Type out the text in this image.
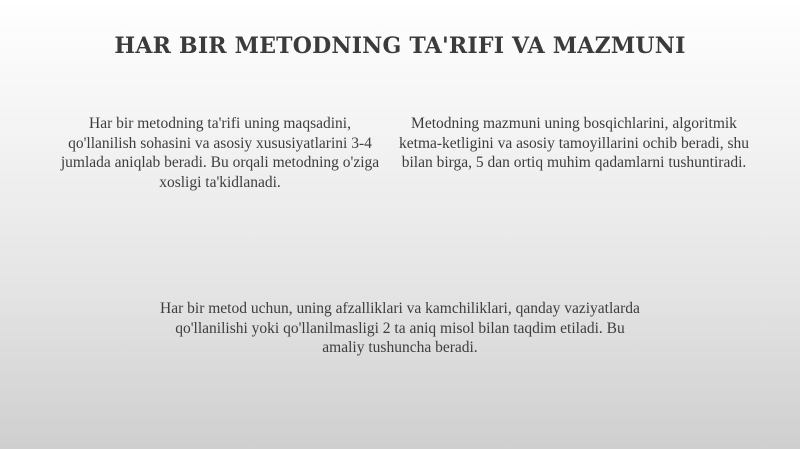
HAR BIR METODNING TA'RIFI VA MAZMUNI

Har bir metodning ta'rifi uning maqsadini, qo'llanilish sohasini va asosiy xususiyatlarini 3-4 jumlada aniqlab beradi. Bu orqali metodning o'ziga xosligi ta'kidlanadi.

Metodning mazmuni uning bosqichlarini, algoritmik ketma-ketligini va asosiy tamoyillarini ochib beradi, shu bilan birga, 5 dan ortiq muhim qadamlarni tushuntiradi.

Har bir metod uchun, uning afzalliklari va kamchiliklari, qanday vaziyatlarda qo'llanilishi yoki qo'llanilmasligi 2 ta aniq misol bilan taqdim etiladi. Bu amaliy tushuncha beradi.
